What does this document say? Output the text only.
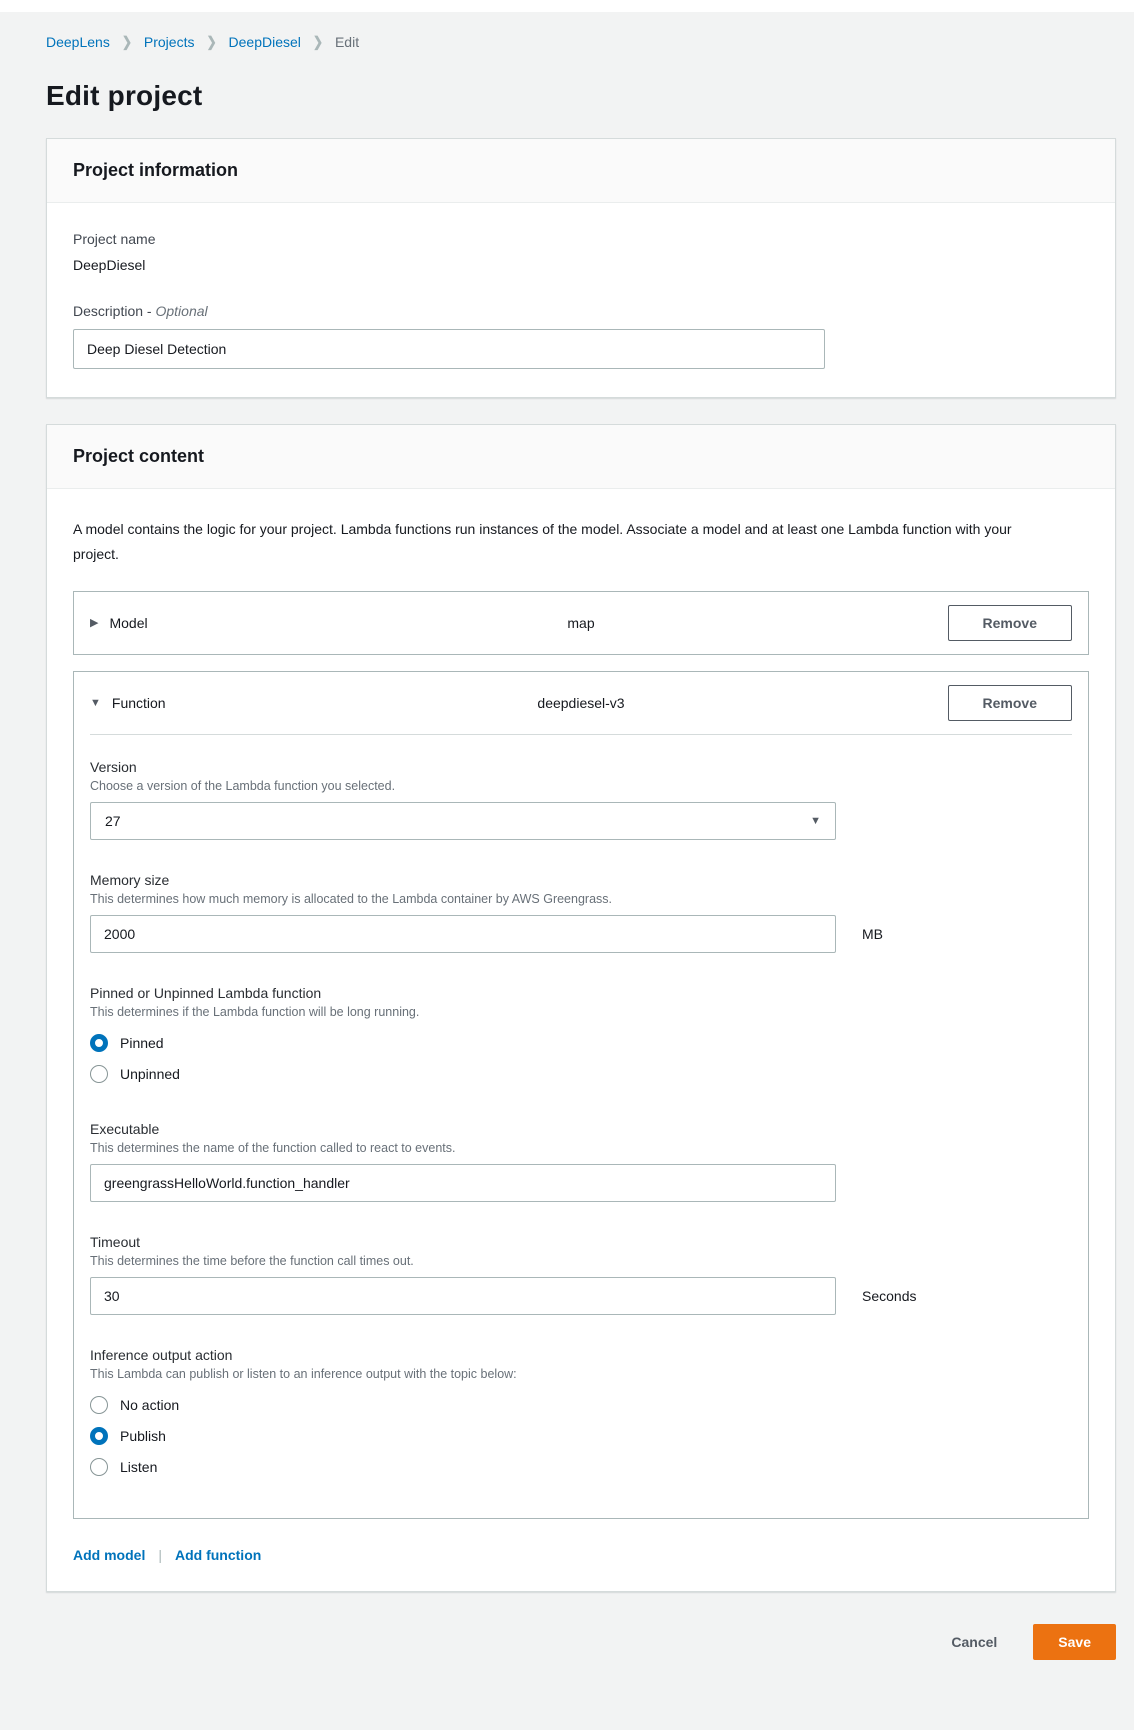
DeepLens ❯ Projects ❯ DeepDiesel ❯ Edit
Edit project
Project information
Project name
DeepDiesel
Description - Optional
Deep Diesel Detection
Project content

A model contains the logic for your project. Lambda functions run instances of the model. Associate a model and at least one Lambda function with your project.

▶ Model	map	Remove
▼ Function	deepdiesel-v3	Remove
Version
Choose a version of the Lambda function you selected.
27	▼
Memory size
This determines how much memory is allocated to the Lambda container by AWS Greengrass.
2000
MB
Pinned or Unpinned Lambda function
This determines if the Lambda function will be long running.
Pinned
Unpinned
Executable
This determines the name of the function called to react to events.
greengrassHelloWorld.function_handler
Timeout
This determines the time before the function call times out.
30
Seconds
Inference output action
This Lambda can publish or listen to an inference output with the topic below:
No action
Publish
Listen
Add model | Add function
Cancel	Save
